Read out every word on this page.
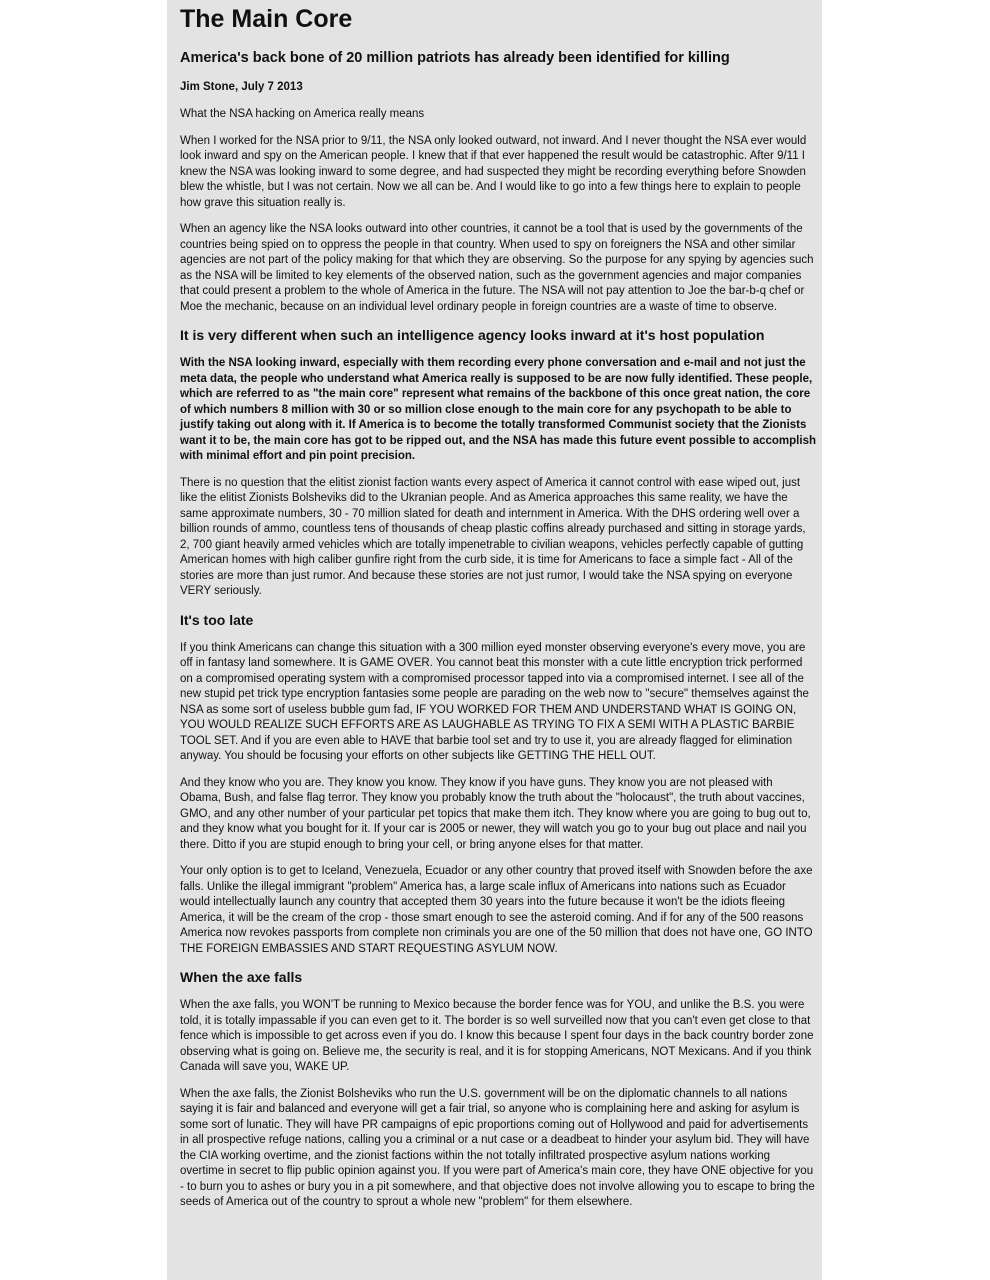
The Main Core
America's back bone of 20 million patriots has already been identified for killing
Jim Stone, July 7 2013

What the NSA hacking on America really means

When I worked for the NSA prior to 9/11, the NSA only looked outward, not inward. And I never thought the NSA ever would look inward and spy on the American people. I knew that if that ever happened the result would be catastrophic. After 9/11 I knew the NSA was looking inward to some degree, and had suspected they might be recording everything before Snowden blew the whistle, but I was not certain. Now we all can be. And I would like to go into a few things here to explain to people how grave this situation really is.

When an agency like the NSA looks outward into other countries, it cannot be a tool that is used by the governments of the countries being spied on to oppress the people in that country. When used to spy on foreigners the NSA and other similar agencies are not part of the policy making for that which they are observing. So the purpose for any spying by agencies such as the NSA will be limited to key elements of the observed nation, such as the government agencies and major companies that could present a problem to the whole of America in the future. The NSA will not pay attention to Joe the bar-b-q chef or Moe the mechanic, because on an individual level ordinary people in foreign countries are a waste of time to observe.

It is very different when such an intelligence agency looks inward at it's host population

With the NSA looking inward, especially with them recording every phone conversation and e-mail and not just the meta data, the people who understand what America really is supposed to be are now fully identified. These people, which are referred to as "the main core" represent what remains of the backbone of this once great nation, the core of which numbers 8 million with 30 or so million close enough to the main core for any psychopath to be able to justify taking out along with it. If America is to become the totally transformed Communist society that the Zionists want it to be, the main core has got to be ripped out, and the NSA has made this future event possible to accomplish with minimal effort and pin point precision.

There is no question that the elitist zionist faction wants every aspect of America it cannot control with ease wiped out, just like the elitist Zionists Bolsheviks did to the Ukranian people. And as America approaches this same reality, we have the same approximate numbers, 30 - 70 million slated for death and internment in America. With the DHS ordering well over a billion rounds of ammo, countless tens of thousands of cheap plastic coffins already purchased and sitting in storage yards, 2, 700 giant heavily armed vehicles which are totally impenetrable to civilian weapons, vehicles perfectly capable of gutting American homes with high caliber gunfire right from the curb side, it is time for Americans to face a simple fact - All of the stories are more than just rumor. And because these stories are not just rumor, I would take the NSA spying on everyone VERY seriously.

It's too late

If you think Americans can change this situation with a 300 million eyed monster observing everyone's every move, you are off in fantasy land somewhere. It is GAME OVER. You cannot beat this monster with a cute little encryption trick performed on a compromised operating system with a compromised processor tapped into via a compromised internet. I see all of the new stupid pet trick type encryption fantasies some people are parading on the web now to "secure" themselves against the NSA as some sort of useless bubble gum fad, IF YOU WORKED FOR THEM AND UNDERSTAND WHAT IS GOING ON, YOU WOULD REALIZE SUCH EFFORTS ARE AS LAUGHABLE AS TRYING TO FIX A SEMI WITH A PLASTIC BARBIE TOOL SET. And if you are even able to HAVE that barbie tool set and try to use it, you are already flagged for elimination anyway. You should be focusing your efforts on other subjects like GETTING THE HELL OUT.

And they know who you are. They know you know. They know if you have guns. They know you are not pleased with Obama, Bush, and false flag terror. They know you probably know the truth about the "holocaust", the truth about vaccines, GMO, and any other number of your particular pet topics that make them itch. They know where you are going to bug out to, and they know what you bought for it. If your car is 2005 or newer, they will watch you go to your bug out place and nail you there. Ditto if you are stupid enough to bring your cell, or bring anyone elses for that matter.

Your only option is to get to Iceland, Venezuela, Ecuador or any other country that proved itself with Snowden before the axe falls. Unlike the illegal immigrant "problem" America has, a large scale influx of Americans into nations such as Ecuador would intellectually launch any country that accepted them 30 years into the future because it won't be the idiots fleeing America, it will be the cream of the crop - those smart enough to see the asteroid coming. And if for any of the 500 reasons America now revokes passports from complete non criminals you are one of the 50 million that does not have one, GO INTO THE FOREIGN EMBASSIES AND START REQUESTING ASYLUM NOW.

When the axe falls

When the axe falls, you WON'T be running to Mexico because the border fence was for YOU, and unlike the B.S. you were told, it is totally impassable if you can even get to it. The border is so well surveilled now that you can't even get close to that fence which is impossible to get across even if you do. I know this because I spent four days in the back country border zone observing what is going on. Believe me, the security is real, and it is for stopping Americans, NOT Mexicans. And if you think Canada will save you, WAKE UP.

When the axe falls, the Zionist Bolsheviks who run the U.S. government will be on the diplomatic channels to all nations saying it is fair and balanced and everyone will get a fair trial, so anyone who is complaining here and asking for asylum is some sort of lunatic. They will have PR campaigns of epic proportions coming out of Hollywood and paid for advertisements in all prospective refuge nations, calling you a criminal or a nut case or a deadbeat to hinder your asylum bid. They will have the CIA working overtime, and the zionist factions within the not totally infiltrated prospective asylum nations working overtime in secret to flip public opinion against you. If you were part of America's main core, they have ONE objective for you - to burn you to ashes or bury you in a pit somewhere, and that objective does not involve allowing you to escape to bring the seeds of America out of the country to sprout a whole new "problem" for them elsewhere.
